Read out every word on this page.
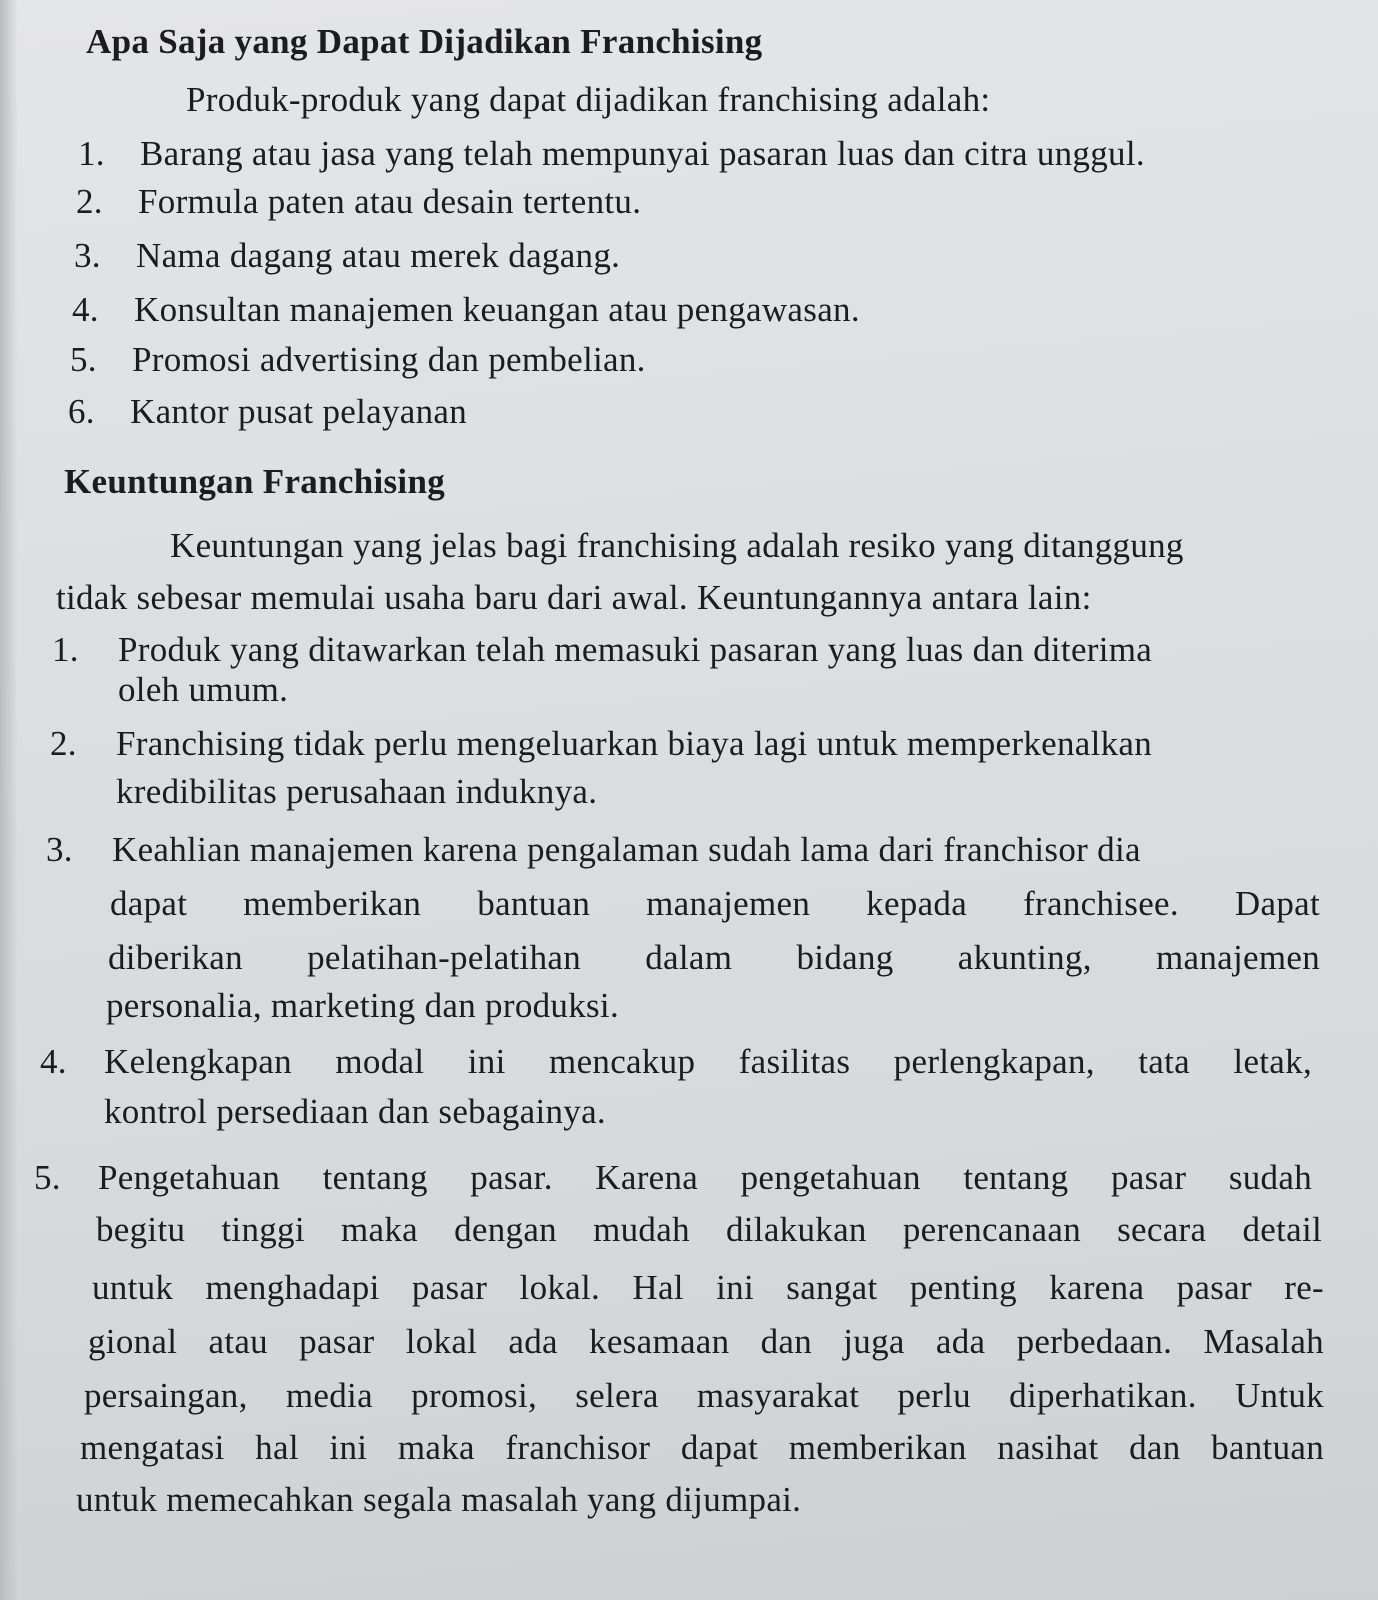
Apa Saja yang Dapat Dijadikan Franchising
Produk-produk yang dapat dijadikan franchising adalah:
1. Barang atau jasa yang telah mempunyai pasaran luas dan citra unggul.
2. Formula paten atau desain tertentu.
3. Nama dagang atau merek dagang.
4. Konsultan manajemen keuangan atau pengawasan.
5. Promosi advertising dan pembelian.
6. Kantor pusat pelayanan
Keuntungan Franchising
Keuntungan yang jelas bagi franchising adalah resiko yang ditanggung
tidak sebesar memulai usaha baru dari awal. Keuntungannya antara lain:
1. Produk yang ditawarkan telah memasuki pasaran yang luas dan diterima
oleh umum.
2. Franchising tidak perlu mengeluarkan biaya lagi untuk memperkenalkan
kredibilitas perusahaan induknya.
3. Keahlian manajemen karena pengalaman sudah lama dari franchisor dia
dapat memberikan bantuan manajemen kepada franchisee. Dapat
diberikan pelatihan-pelatihan dalam bidang akunting, manajemen
personalia, marketing dan produksi.
4. Kelengkapan modal ini mencakup fasilitas perlengkapan, tata letak,
kontrol persediaan dan sebagainya.
5. Pengetahuan tentang pasar. Karena pengetahuan tentang pasar sudah
begitu tinggi maka dengan mudah dilakukan perencanaan secara detail
untuk menghadapi pasar lokal. Hal ini sangat penting karena pasar re-
gional atau pasar lokal ada kesamaan dan juga ada perbedaan. Masalah
persaingan, media promosi, selera masyarakat perlu diperhatikan. Untuk
mengatasi hal ini maka franchisor dapat memberikan nasihat dan bantuan
untuk memecahkan segala masalah yang dijumpai.
